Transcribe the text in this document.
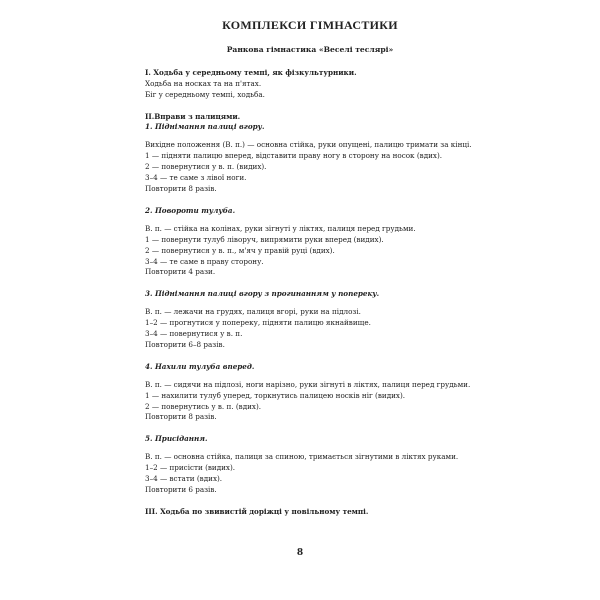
КОМПЛЕКСИ ГІМНАСТИКИ
Ранкова гімнастика «Веселі теслярі»

І. Ходьба у середньому темпі, як фізкультурники.

Ходьба на носках та на п'ятах.

Біг у середньому темпі, ходьба.

ІІ.Вправи з палицями.

1. Піднімання палиці вгору.

Вихідне положення (В. п.) — основна стійка, руки опущені, палицю тримати за кінці.

1 — підняти палицю вперед, відставити праву ногу в сторону на носок (вдих).

2 — повернутися у в. п. (видих).

3–4 — те саме з лівої ноги.

Повторити 8 разів.

2. Повороти тулуба.

В. п. — стійка на колінах, руки зігнуті у ліктях, палиця перед грудьми.

1 — повернути тулуб ліворуч, випрямити руки вперед (видих).

2 — повернутися у в. п., м'яч у правій руці (вдих).

3–4 — те саме в праву сторону.

Повторити 4 рази.

3. Піднімання палиці вгору з прогинанням у попереку.

В. п. — лежачи на грудях, палиця вгорі, руки на підлозі.

1–2 — прогнутися у попереку, підняти палицю якнайвище.

3–4 — повернутися у в. п.

Повторити 6–8 разів.

4. Нахили тулуба вперед.

В. п. — сидячи на підлозі, ноги нарізно, руки зігнуті в ліктях, палиця перед грудьми.

1 — нахилити тулуб уперед, торкнутись палицею носків ніг (видих).

2 — повернутись у в. п. (вдих).

Повторити 8 разів.

5. Присідання.

В. п. — основна стійка, палиця за спиною, тримається зігнутими в ліктях руками.

1–2 — присісти (видих).

3–4 — встати (вдих).

Повторити 6 разів.

ІІІ. Ходьба по звивистій доріжці у повільному темпі.

8
